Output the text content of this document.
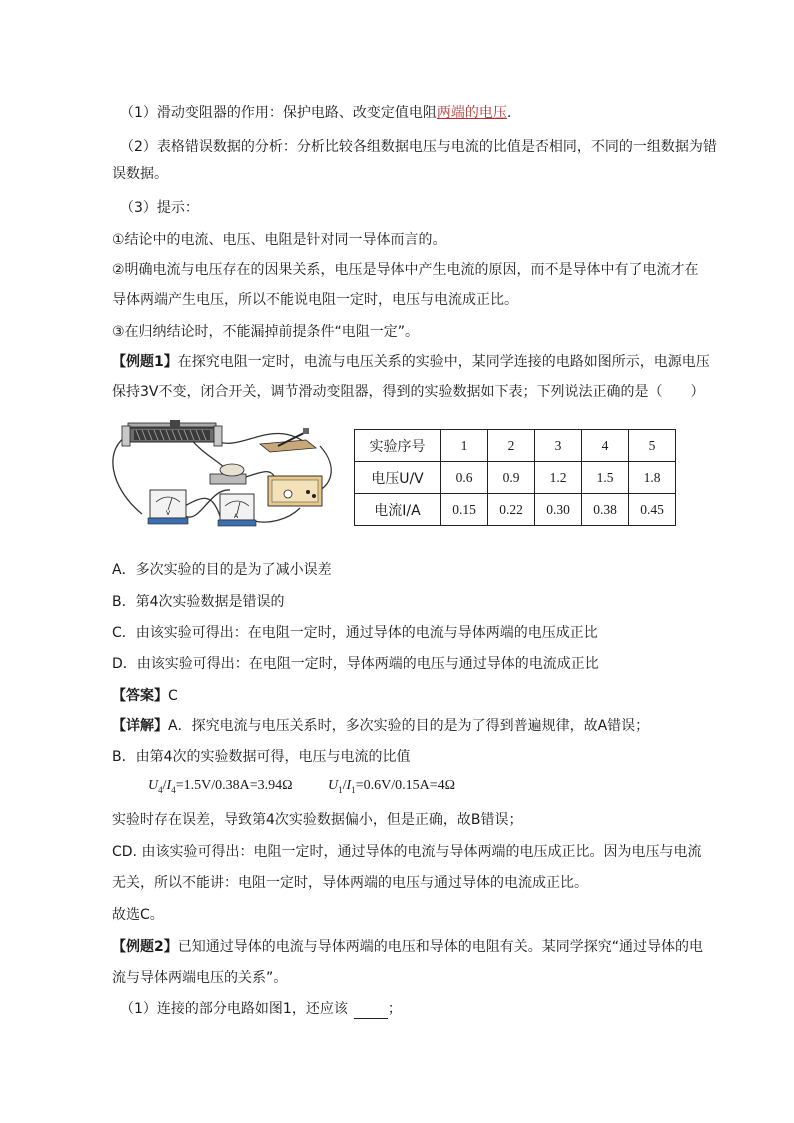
（1）滑动变阻器的作用：保护电路、改变定值电阻两端的电压.
（2）表格错误数据的分析：分析比较各组数据电压与电流的比值是否相同，不同的一组数据为错
误数据。
（3）提示：
①结论中的电流、电压、电阻是针对同一导体而言的。
②明确电流与电压存在的因果关系，电压是导体中产生电流的原因，而不是导体中有了电流才在
导体两端产生电压，所以不能说电阻一定时，电压与电流成正比。
③在归纳结论时，不能漏掉前提条件“电阻一定”。
【例题1】在探究电阻一定时，电流与电压关系的实验中，某同学连接的电路如图所示，电源电压
保持3V不变，闭合开关，调节滑动变阻器，得到的实验数据如下表；下列说法正确的是（　　）
V	A
实验序号	1	2	3	4	5
电压U/V	0.6	0.9	1.2	1.5	1.8
电流I/A	0.15	0.22	0.30	0.38	0.45
A．多次实验的目的是为了减小误差
B．第4次实验数据是错误的
C．由该实验可得出：在电阻一定时，通过导体的电流与导体两端的电压成正比
D．由该实验可得出：在电阻一定时，导体两端的电压与通过导体的电流成正比
【答案】C
【详解】A．探究电流与电压关系时，多次实验的目的是为了得到普遍规律，故A错误；
B．由第4次的实验数据可得，电压与电流的比值
$U_4/I_4=1.5V/0.38A=3.94\Omega$	$U_1/I_1=0.6V/0.15A=4\Omega$
实验时存在误差，导致第4次实验数据偏小，但是正确，故B错误；
CD. 由该实验可得出：电阻一定时，通过导体的电流与导体两端的电压成正比。因为电压与电流
无关，所以不能讲：电阻一定时，导体两端的电压与通过导体的电流成正比。
故选C。
【例题2】已知通过导体的电流与导体两端的电压和导体的电阻有关。某同学探究“通过导体的电
流与导体两端电压的关系”。
（1）连接的部分电路如图1，还应该	；
